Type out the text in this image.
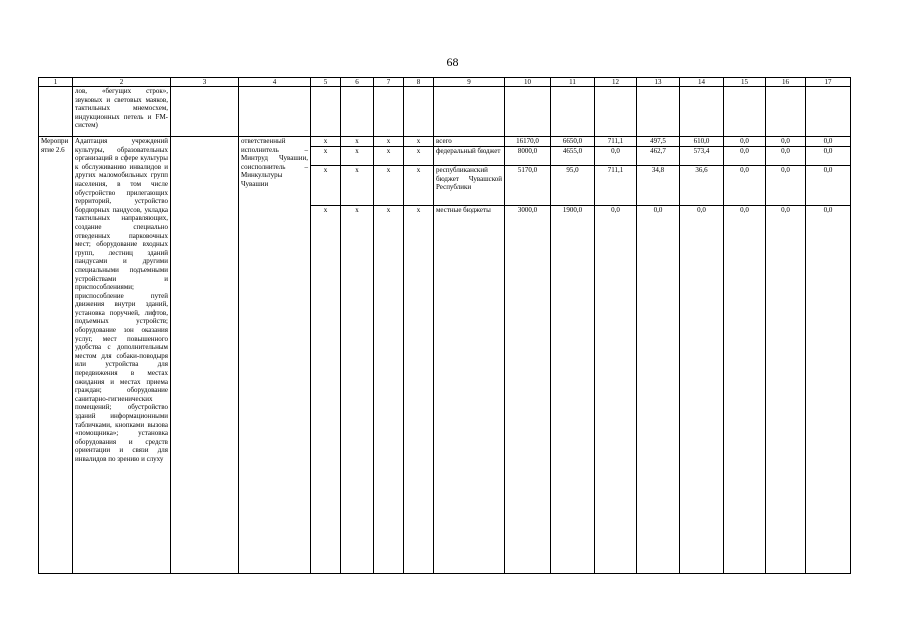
68
1	2	3	4	5	6	7	8	9	10	11	12	13	14	15	16	17
	лов, «бегущих строк», звуковых и световых маяков, тактильных мнемосхем, индукционных петель и FM-систем)															
Мероприятие 2.6	Адаптация учреждений культуры, образовательных организаций в сфере культуры к обслуживанию инвалидов и других маломобильных групп населения, в том числе обустройство прилегающих территорий, устройство бордюрных пандусов, укладка тактильных направляющих, создание специально отведенных парковочных мест; оборудование входных групп, лестниц зданий пандусами и другими специальными подъемными устройствами и приспособлениями; приспособление путей движения внутри зданий, установка поручней, лифтов, подъемных устройств; оборудование зон оказания услуг, мест повышенного удобства с дополнительным местом для собаки-поводыря или устройства для передвижения в местах ожидания и местах приема граждан; оборудование санитарно-гигиенических помещений; обустройство зданий информационными табличками, кнопками вызова «помощника»; установка оборудования и средств ориентации и связи для инвалидов по зрению и слуху		ответственный исполнитель – Минтруд Чувашии, соисполнитель – Минкультуры Чувашии	х	х	х	х	всего	16170,0	6650,0	711,1	497,5	610,0	0,0	0,0	0,0
				х	х	х	х	федеральный бюджет	8000,0	4655,0	0,0	462,7	573,4	0,0	0,0	0,0
				х	х	х	х	республиканский бюджет Чувашской Республики	5170,0	95,0	711,1	34,8	36,6	0,0	0,0	0,0
				х	х	х	х	местные бюджеты	3000,0	1900,0	0,0	0,0	0,0	0,0	0,0	0,0
